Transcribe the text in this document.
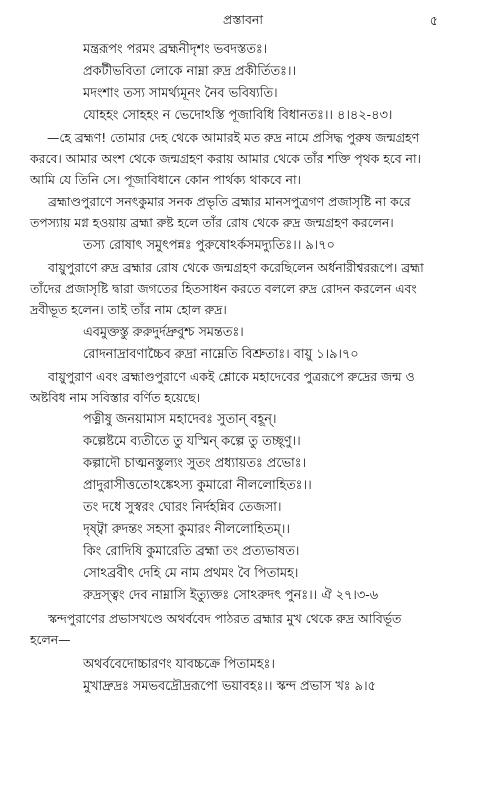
প্রস্তাবনা	৫
মন্ত্ররূপং পরমং ব্রহ্মনীদৃশং ভবদস্ততঃ।
প্রকটীভবিতা লোকে নাম্না রুদ্র প্রকীর্তিতঃ।।
মদংশাং তস্য সামর্থ্যমূনং নৈব ভবিষ্যতি।
যোহহং সোহহং ন ভেদোঽস্তি পূজাবিধি বিধানতঃ।। ৪।৪২-৪৩।
—হে ব্রহ্মণ! তোমার দেহ থেকে আমারই মত রুদ্র নামে প্রসিদ্ধ পুরুষ জন্মগ্রহণ
করবে। আমার অংশ থেকে জন্মগ্রহণ করায় আমার থেকে তাঁর শক্তি পৃথক হবে না।
আমি যে তিনি সে। পূজাবিধানে কোন পার্থক্য থাকবে না।
ব্রহ্মাণ্ডপুরাণে সনৎকুমার সনক প্রভৃতি ব্রহ্মার মানসপুত্রগণ প্রজাসৃষ্টি না করে
তপস্যায় মগ্ন হওয়ায় ব্রহ্মা রুষ্ট হলে তাঁর রোষ থেকে রুদ্র জন্মগ্রহণ করলেন।
তস্য রোষাৎ সমুৎপন্নঃ পুরুষোঽর্কসমদ্যুতিঃ।। ৯।৭০
বায়ুপুরাণে রুদ্র ব্রহ্মার রোষ থেকে জন্মগ্রহণ করেছিলেন অর্ধনারীশ্বররূপে। ব্রহ্মা
তাঁদের প্রজাসৃষ্টি দ্বারা জগতের হিতসাধন করতে বললে রুদ্র রোদন করলেন এবং
দ্রবীভূত হলেন। তাই তাঁর নাম হোল রুদ্র।
এবমুক্তস্তু রুরুদুর্দদ্রুবুশ্চ সমন্ততঃ।
রোদনাদ্রাবণাচ্চৈব রুদ্রা নাম্নেতি বিশ্রুতাঃ। বায়ু ১।৯।৭০
বায়ুপুরাণ এবং ব্রহ্মাণ্ডপুরাণে একই শ্লোকে মহাদেবের পুত্ররূপে রুদ্রের জন্ম ও
অষ্টবিধ নাম সবিস্তার বর্ণিত হয়েছে।
পত্নীষু জনয়ামাস মহাদেবঃ সুতান্ বহূন্।
কল্পেষ্টমে ব্যতীতে তু যস্মিন্ কল্পে তু তচ্ছৃণু।।
কল্পাদৌ চাত্মনস্তুল্যং সুতং প্রধ্যায়তঃ প্রভোঃ।
প্রাদুরাসীত্ততোঽঙ্কেঽস্য কুমারো নীললোহিতঃ।।
তং দধে সুস্বরং ঘোরং নির্দহন্নিব তেজসা।
দৃষ্ট্বা রুদন্তং সহসা কুমারং নীললোহিতম্।।
কিং রোদিষি কুমারেতি ব্রহ্মা তং প্রত্যভাষত।
সোঽব্রবীৎ দেহি মে নাম প্রথমং বৈ পিতামহ।
রুদ্রস্ত্বং দেব নাম্নাসি ইত্যুক্তঃ সোঽরুদৎ পুনঃ।। ঐ ২৭।৩-৬
স্কন্দপুরাণের প্রভাসখণ্ডে অথর্ববেদ পাঠরত ব্রহ্মার মুখ থেকে রুদ্র আবির্ভূত
হলেন—
অথর্ববেদোচ্চারণং যাবচ্চক্রে পিতামহঃ।
মুখাদ্রুদ্রঃ সমভবদ্রৌদ্ররূপো ভয়াবহঃ।। স্কন্দ প্রভাস খঃ ৯।৫
